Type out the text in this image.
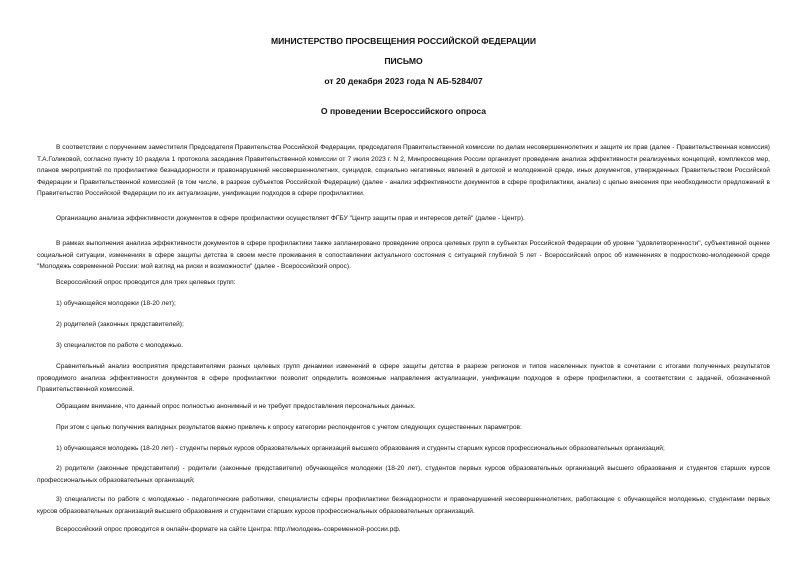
МИНИСТЕРСТВО ПРОСВЕЩЕНИЯ РОССИЙСКОЙ ФЕДЕРАЦИИ
ПИСЬМО
от 20 декабря 2023 года N АБ-5284/07
О проведении Всероссийского опроса

В соответствии с поручением заместителя Председателя Правительства Российской Федерации, председателя Правительственной комиссии по делам несовершеннолетних и защите их прав (далее - Правительственная комиссия) Т.А.Голиковой, согласно пункту 10 раздела 1 протокола заседания Правительственной комиссии от 7 июля 2023 г. N 2, Минпросвещения России организует проведение анализа эффективности реализуемых концепций, комплексов мер, планов мероприятий по профилактике безнадзорности и правонарушений несовершеннолетних, суицидов, социально негативных явлений в детской и молодежной среде, иных документов, утвержденных Правительством Российской Федерации и Правительственной комиссией (в том числе, в разрезе субъектов Российской Федерации) (далее - анализ эффективности документов в сфере профилактики, анализ) с целью внесения при необходимости предложений в Правительство Российской Федерации по их актуализации, унификации подходов в сфере профилактики.

Организацию анализа эффективности документов в сфере профилактики осуществляет ФГБУ "Центр защиты прав и интересов детей" (далее - Центр).

В рамках выполнения анализа эффективности документов в сфере профилактики также запланировано проведение опроса целевых групп в субъектах Российской Федерации об уровне "удовлетворенности", субъективной оценке социальной ситуации, изменениях в сфере защиты детства в своем месте проживания в сопоставлении актуального состояния с ситуацией глубиной 5 лет - Всероссийский опрос об изменениях в подростково-молодежной среде "Молодежь современной России: мой взгляд на риски и возможности" (далее - Всероссийский опрос).

Всероссийский опрос проводится для трех целевых групп:

1) обучающейся молодежи (18-20 лет);

2) родителей (законных представителей);

3) специалистов по работе с молодежью.

Сравнительный анализ восприятия представителями разных целевых групп динамики изменений в сфере защиты детства в разрезе регионов и типов населенных пунктов в сочетании с итогами полученных результатов проводимого анализа эффективности документов в сфере профилактики позволит определить возможные направления актуализации, унификации подходов в сфере профилактики, в соответствии с задачей, обозначенной Правительственной комиссией.

Обращаем внимание, что данный опрос полностью анонимный и не требует предоставления персональных данных.

При этом с целью получения валидных результатов важно привлечь к опросу категории респондентов с учетом следующих существенных параметров:

1) обучающаяся молодежь (18-20 лет) - студенты первых курсов образовательных организаций высшего образования и студенты старших курсов профессиональных образовательных организаций;

2) родители (законные представители) - родители (законные представители) обучающейся молодежи (18-20 лет), студентов первых курсов образовательных организаций высшего образования и студентов старших курсов профессиональных образовательных организаций;

3) специалисты по работе с молодежью - педагогические работники, специалисты сферы профилактики безнадзорности и правонарушений несовершеннолетних, работающие с обучающейся молодежью, студентами первых курсов образовательных организаций высшего образования и студентами старших курсов профессиональных образовательных организаций.

Всероссийский опрос проводится в онлайн-формате на сайте Центра: http://молодежь-современной-россии.рф.
